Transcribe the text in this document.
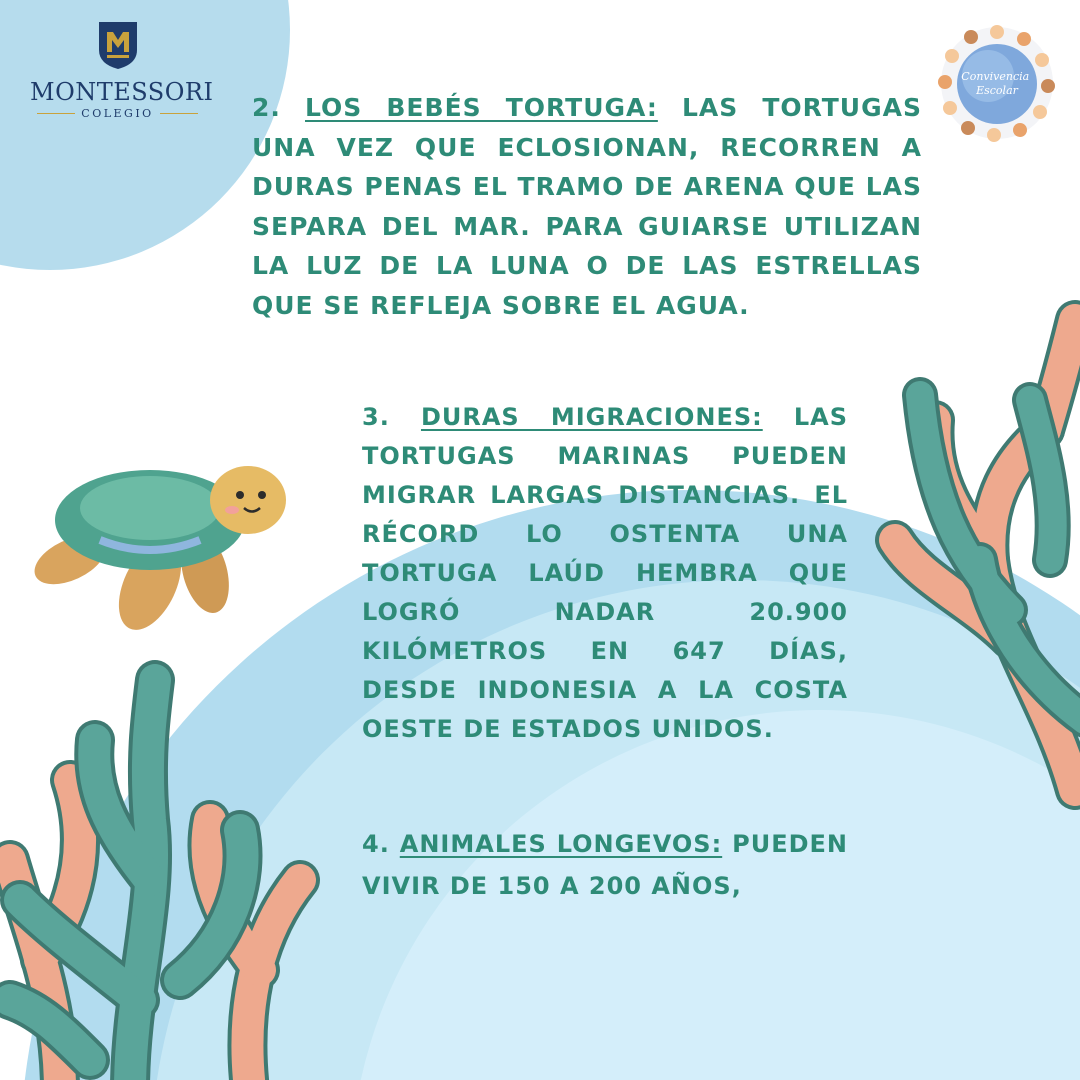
MONTESSORI
COLEGIO
Convivencia Escolar

2. LOS BEBÉS TORTUGA: LAS TORTUGAS UNA VEZ QUE ECLOSIONAN, RECORREN A DURAS PENAS EL TRAMO DE ARENA QUE LAS SEPARA DEL MAR. PARA GUIARSE UTILIZAN LA LUZ DE LA LUNA O DE LAS ESTRELLAS QUE SE REFLEJA SOBRE EL AGUA.

3. DURAS MIGRACIONES: LAS TORTUGAS MARINAS PUEDEN MIGRAR LARGAS DISTANCIAS. EL RÉCORD LO OSTENTA UNA TORTUGA LAÚD HEMBRA QUE LOGRÓ NADAR 20.900 KILÓMETROS EN 647 DÍAS, DESDE INDONESIA A LA COSTA OESTE DE ESTADOS UNIDOS.

4. ANIMALES LONGEVOS: PUEDEN VIVIR DE 150 A 200 AÑOS,
